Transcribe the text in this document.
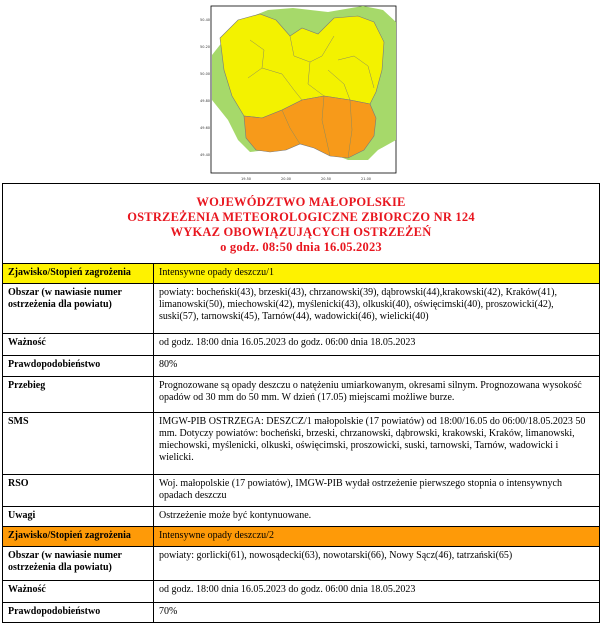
50.40
50.20
50.00
49.80
49.60
49.40
19.50	20.00	20.50	21.00
WOJEWÓDZTWO MAŁOPOLSKIE
OSTRZEŻENIA METEOROLOGICZNE ZBIORCZO NR 124
WYKAZ OBOWIĄZUJĄCYCH OSTRZEŻEŃ
o godz. 08:50 dnia 16.05.2023
Zjawisko/Stopień zagrożenia	Intensywne opady deszczu/1
Obszar (w nawiasie numer ostrzeżenia dla powiatu)	powiaty: bocheński(43), brzeski(43), chrzanowski(39), dąbrowski(44),krakowski(42), Kraków(41), limanowski(50), miechowski(42), myślenicki(43), olkuski(40), oświęcimski(40), proszowicki(42), suski(57), tarnowski(45), Tarnów(44), wadowicki(46), wielicki(40)
Ważność	od godz. 18:00 dnia 16.05.2023 do godz. 06:00 dnia 18.05.2023
Prawdopodobieństwo	80%
Przebieg	Prognozowane są opady deszczu o natężeniu umiarkowanym, okresami silnym. Prognozowana wysokość opadów od 30 mm do 50 mm. W dzień (17.05) miejscami możliwe burze.
SMS	IMGW-PIB OSTRZEGA: DESZCZ/1 małopolskie (17 powiatów) od 18:00/16.05 do 06:00/18.05.2023 50 mm. Dotyczy powiatów: bocheński, brzeski, chrzanowski, dąbrowski, krakowski, Kraków, limanowski, miechowski, myślenicki, olkuski, oświęcimski, proszowicki, suski, tarnowski, Tarnów, wadowicki i wielicki.
RSO	Woj. małopolskie (17 powiatów), IMGW-PIB wydał ostrzeżenie pierwszego stopnia o intensywnych opadach deszczu
Uwagi	Ostrzeżenie może być kontynuowane.
Zjawisko/Stopień zagrożenia	Intensywne opady deszczu/2
Obszar (w nawiasie numer ostrzeżenia dla powiatu)	powiaty: gorlicki(61), nowosądecki(63), nowotarski(66), Nowy Sącz(46), tatrzański(65)
Ważność	od godz. 18:00 dnia 16.05.2023 do godz. 06:00 dnia 18.05.2023
Prawdopodobieństwo	70%
